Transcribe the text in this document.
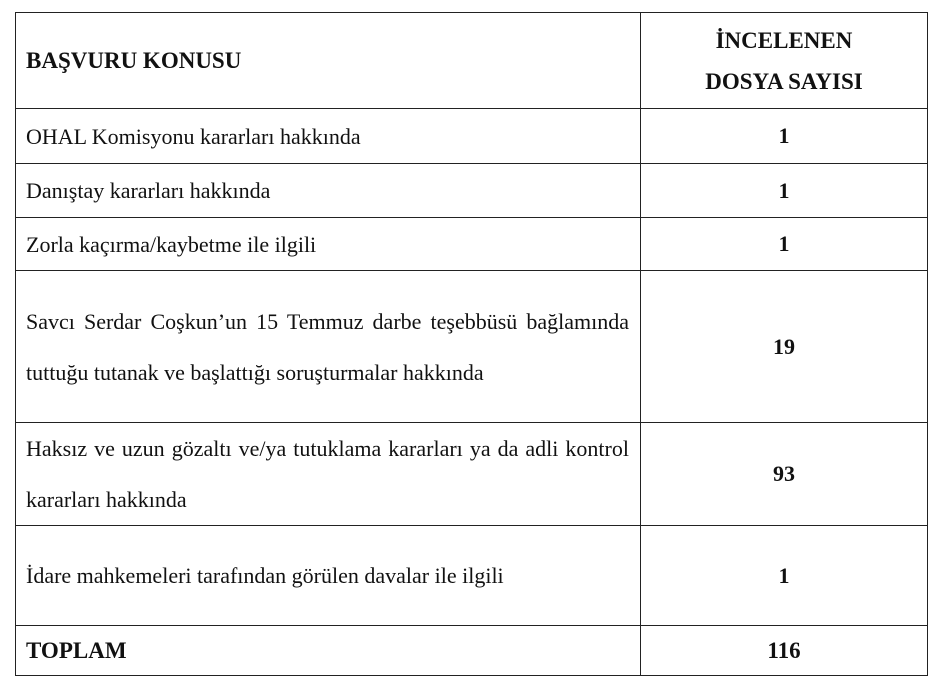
BAŞVURU KONUSU	İNCELENEN
DOSYA SAYISI
OHAL Komisyonu kararları hakkında	1
Danıştay kararları hakkında	1
Zorla kaçırma/kaybetme ile ilgili	1
Savcı Serdar Coşkun’un 15 Temmuz darbe teşebbüsü bağlamında tuttuğu tutanak ve başlattığı soruşturmalar hakkında	19
Haksız ve uzun gözaltı ve/ya tutuklama kararları ya da adli kontrol kararları hakkında	93
İdare mahkemeleri tarafından görülen davalar ile ilgili	1
TOPLAM	116
